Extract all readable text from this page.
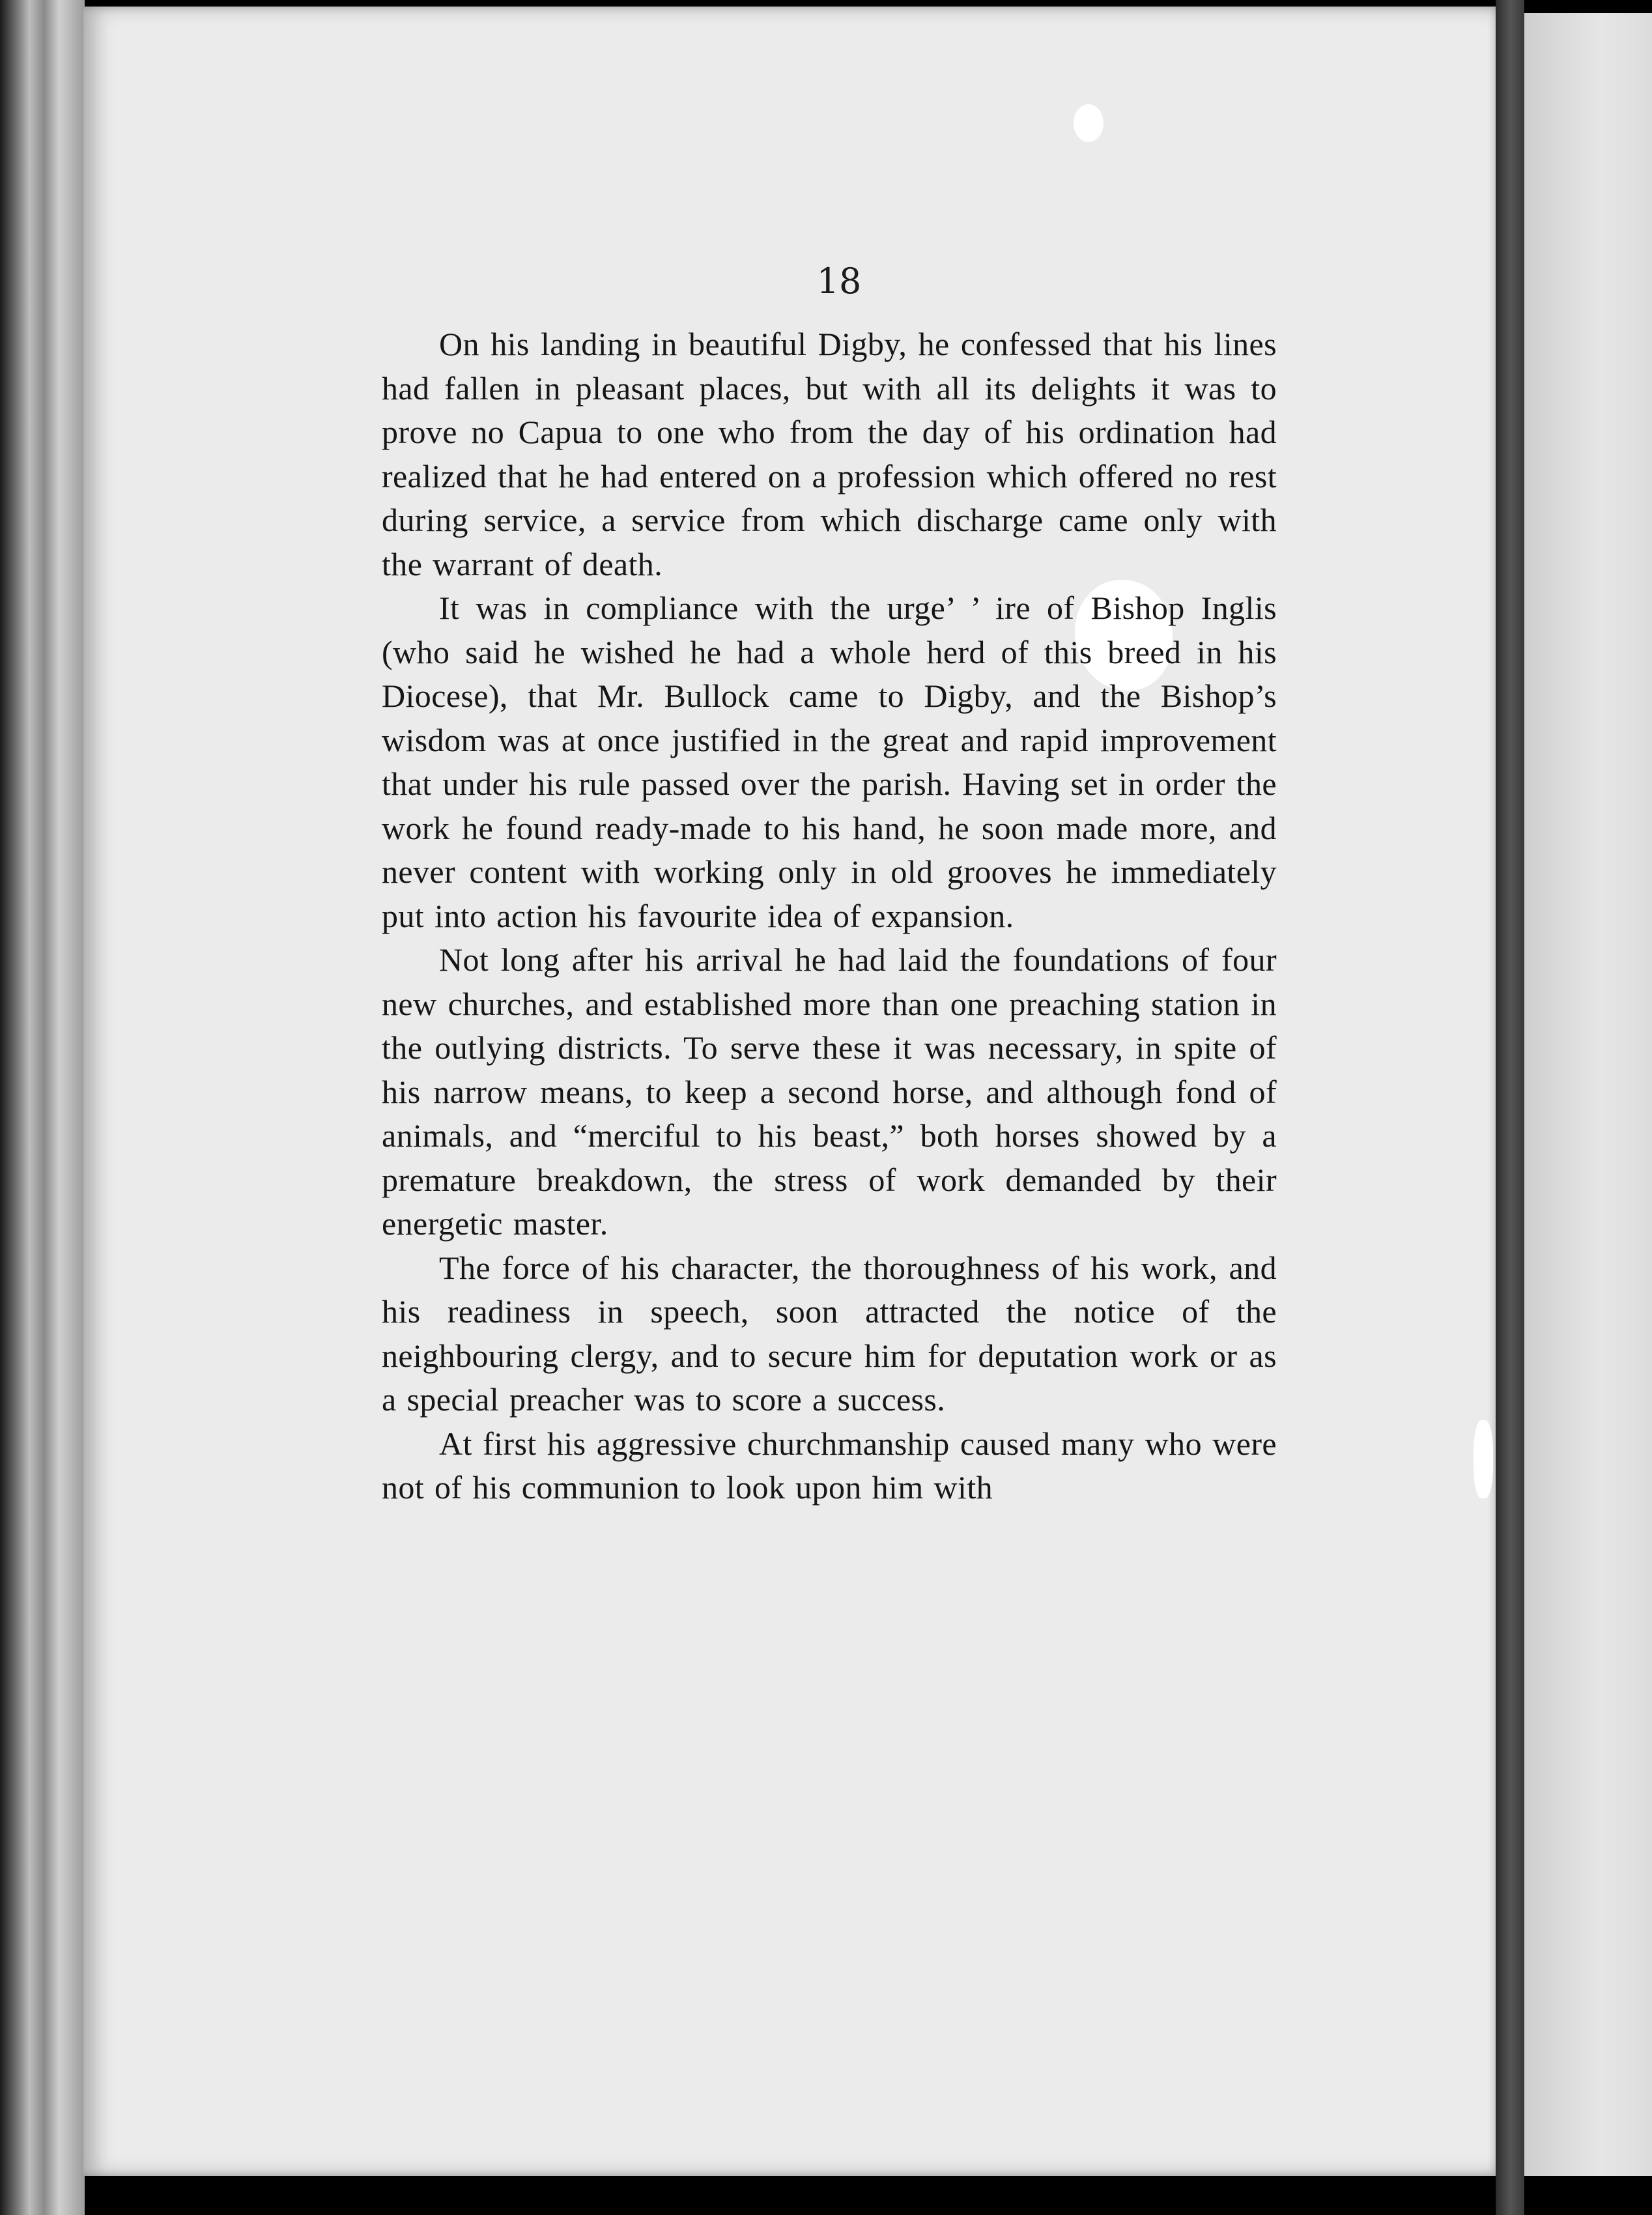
18

On his landing in beautiful Digby, he confessed that his lines had fallen in pleasant places, but with all its delights it was to prove no Capua to one who from the day of his ordination had realized that he had entered on a profession which offered no rest during service, a service from which discharge came only with the warrant of death.

It was in compliance with the urge’ ’ ire of Bishop Inglis (who said he wished he had a whole herd of this breed in his Diocese), that Mr. Bullock came to Digby, and the Bishop’s wisdom was at once justified in the great and rapid improvement that under his rule passed over the parish. Having set in order the work he found ready-made to his hand, he soon made more, and never content with working only in old grooves he immediately put into action his favourite idea of expansion.

Not long after his arrival he had laid the foundations of four new churches, and established more than one preaching station in the outlying districts. To serve these it was necessary, in spite of his narrow means, to keep a second horse, and although fond of animals, and “merciful to his beast,” both horses showed by a premature breakdown, the stress of work demanded by their energetic master.

The force of his character, the thoroughness of his work, and his readiness in speech, soon attracted the notice of the neighbouring clergy, and to secure him for deputation work or as a special preacher was to score a success.

At first his aggressive churchmanship caused many who were not of his communion to look upon him with
